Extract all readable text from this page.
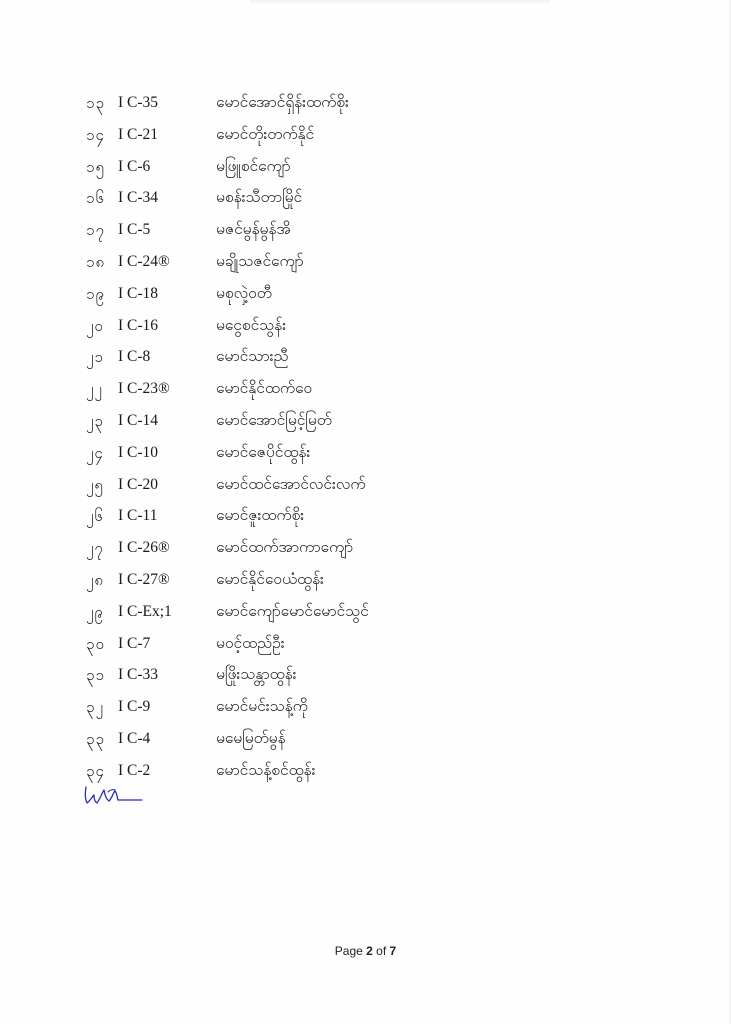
၁၃ I C-35	မောင်အောင်ရှိန်းထက်စိုး
၁၄ I C-21	မောင်တိုးတက်နိုင်
၁၅ I C-6	မဖြူစင်ကျော်
၁၆ I C-34	မစန်းသီတာမြိုင်
၁၇ I C-5	မဇင်မွန်မွန်အိ
၁၈ I C-24®	မချိုသဇင်ကျော်
၁၉ I C-18	မစုလှဲ့ဝတီ
၂၀ I C-16	မငွေစင်သွန်း
၂၁ I C-8	မောင်သားညီ
၂၂ I C-23®	မောင်နိုင်ထက်ဝေ
၂၃ I C-14	မောင်အောင်မြင့်မြတ်
၂၄ I C-10	မောင်ဇေပိုင်ထွန်း
၂၅ I C-20	မောင်ထင်အောင်လင်းလက်
၂၆ I C-11	မောင်ဇူးထက်စိုး
၂၇ I C-26®	မောင်ထက်အာကာကျော်
၂၈ I C-27®	မောင်နိုင်ဝေယံထွန်း
၂၉ I C-Ex;1	မောင်ကျော်မောင်မောင်သွင်
၃၀ I C-7	မဝင့်ထည်ဦး
၃၁ I C-33	မဖြိုးသန္တာထွန်း
၃၂ I C-9	မောင်မင်းသန့်ကို
၃၃ I C-4	မမေမြတ်မွန်
၃၄ I C-2	မောင်သန့်စင်ထွန်း
Page 2 of 7
